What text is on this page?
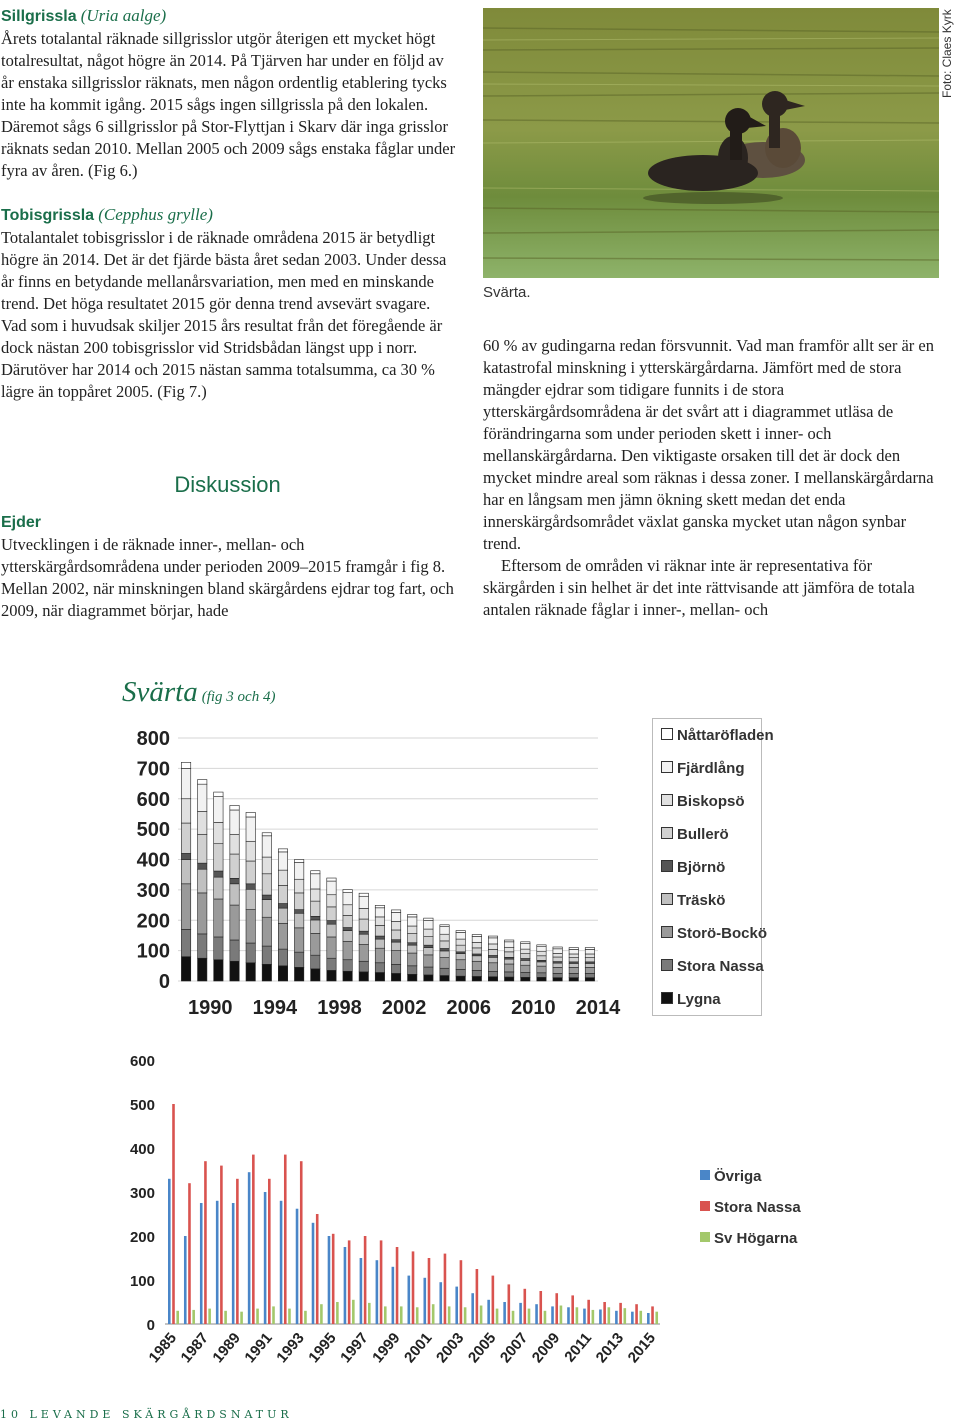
Sillgrissla (Uria aalge)

Årets totalantal räknade sillgrisslor utgör återigen ett mycket högt totalresultat, något högre än 2014. På Tjärven har under en följd av år enstaka sillgrisslor räknats, men någon ordentlig etablering tycks inte ha kommit igång. 2015 sågs ingen sillgrissla på den lokalen. Däremot sågs 6 sillgrisslor på Stor-Flyttjan i Skarv där inga grisslor räknats sedan 2010. Mellan 2005 och 2009 sågs enstaka fåglar under fyra av åren. (Fig 6.)

Tobisgrissla (Cepphus grylle)

Totalantalet tobisgrisslor i de räknade områdena 2015 är betydligt högre än 2014. Det är det fjärde bästa året sedan 2003. Under dessa år finns en betydande mellanårsvariation, men med en minskande trend. Det höga resultatet 2015 gör denna trend avsevärt svagare. Vad som i huvudsak skiljer 2015 års resultat från det föregående är dock nästan 200 tobisgrisslor vid Stridsbådan längst upp i norr. Därutöver har 2014 och 2015 nästan samma totalsumma, ca 30 % lägre än toppåret 2005. (Fig 7.)

Diskussion

Ejder

Utvecklingen i de räknade inner-, mellan- och ytterskärgårdsområdena under perioden 2009–2015 framgår i fig 8. Mellan 2002, när minskningen bland skärgårdens ejdrar tog fart, och 2009, när diagrammet börjar, hade

Foto: Claes Kyrk
Svärta.

60 % av gudingarna redan försvunnit. Vad man framför allt ser är en katastrofal minskning i ytterskärgårdarna. Jämfört med de stora mängder ejdrar som tidigare funnits i de stora ytterskärgårdsområdena är det svårt att i diagrammet utläsa de förändringarna som under perioden skett i inner- och mellanskärgårdarna. Den viktigaste orsaken till det är dock den mycket mindre areal som räknas i dessa zoner. I mellanskärgårdarna har en långsam men jämn ökning skett medan det enda innerskärgårdsområdet växlat ganska mycket utan någon synbar trend.

Eftersom de områden vi räknar inte är representativa för skärgården i sin helhet är det inte rättvisande att jämföra de totala antalen räknade fåglar i inner-, mellan- och

Svärta (fig 3 och 4)
800
700
600
500
400
300
200
100
0
1990 1994 1998 2002 2006 2010 2014
Nåttaröfladen
Fjärdlång
Biskopsö
Bullerö
Björnö
Träskö
Storö-Bockö
Stora Nassa
Lygna
600
500
400
300
200
100
0
1985
1987
1989
1991
1993
1995
1997
1999
2001
2003
2005
2007
2009
2011
2013
2015
Övriga
Stora Nassa
Sv Högarna
10 LEVANDE SKÄRGÅRDSNATUR
